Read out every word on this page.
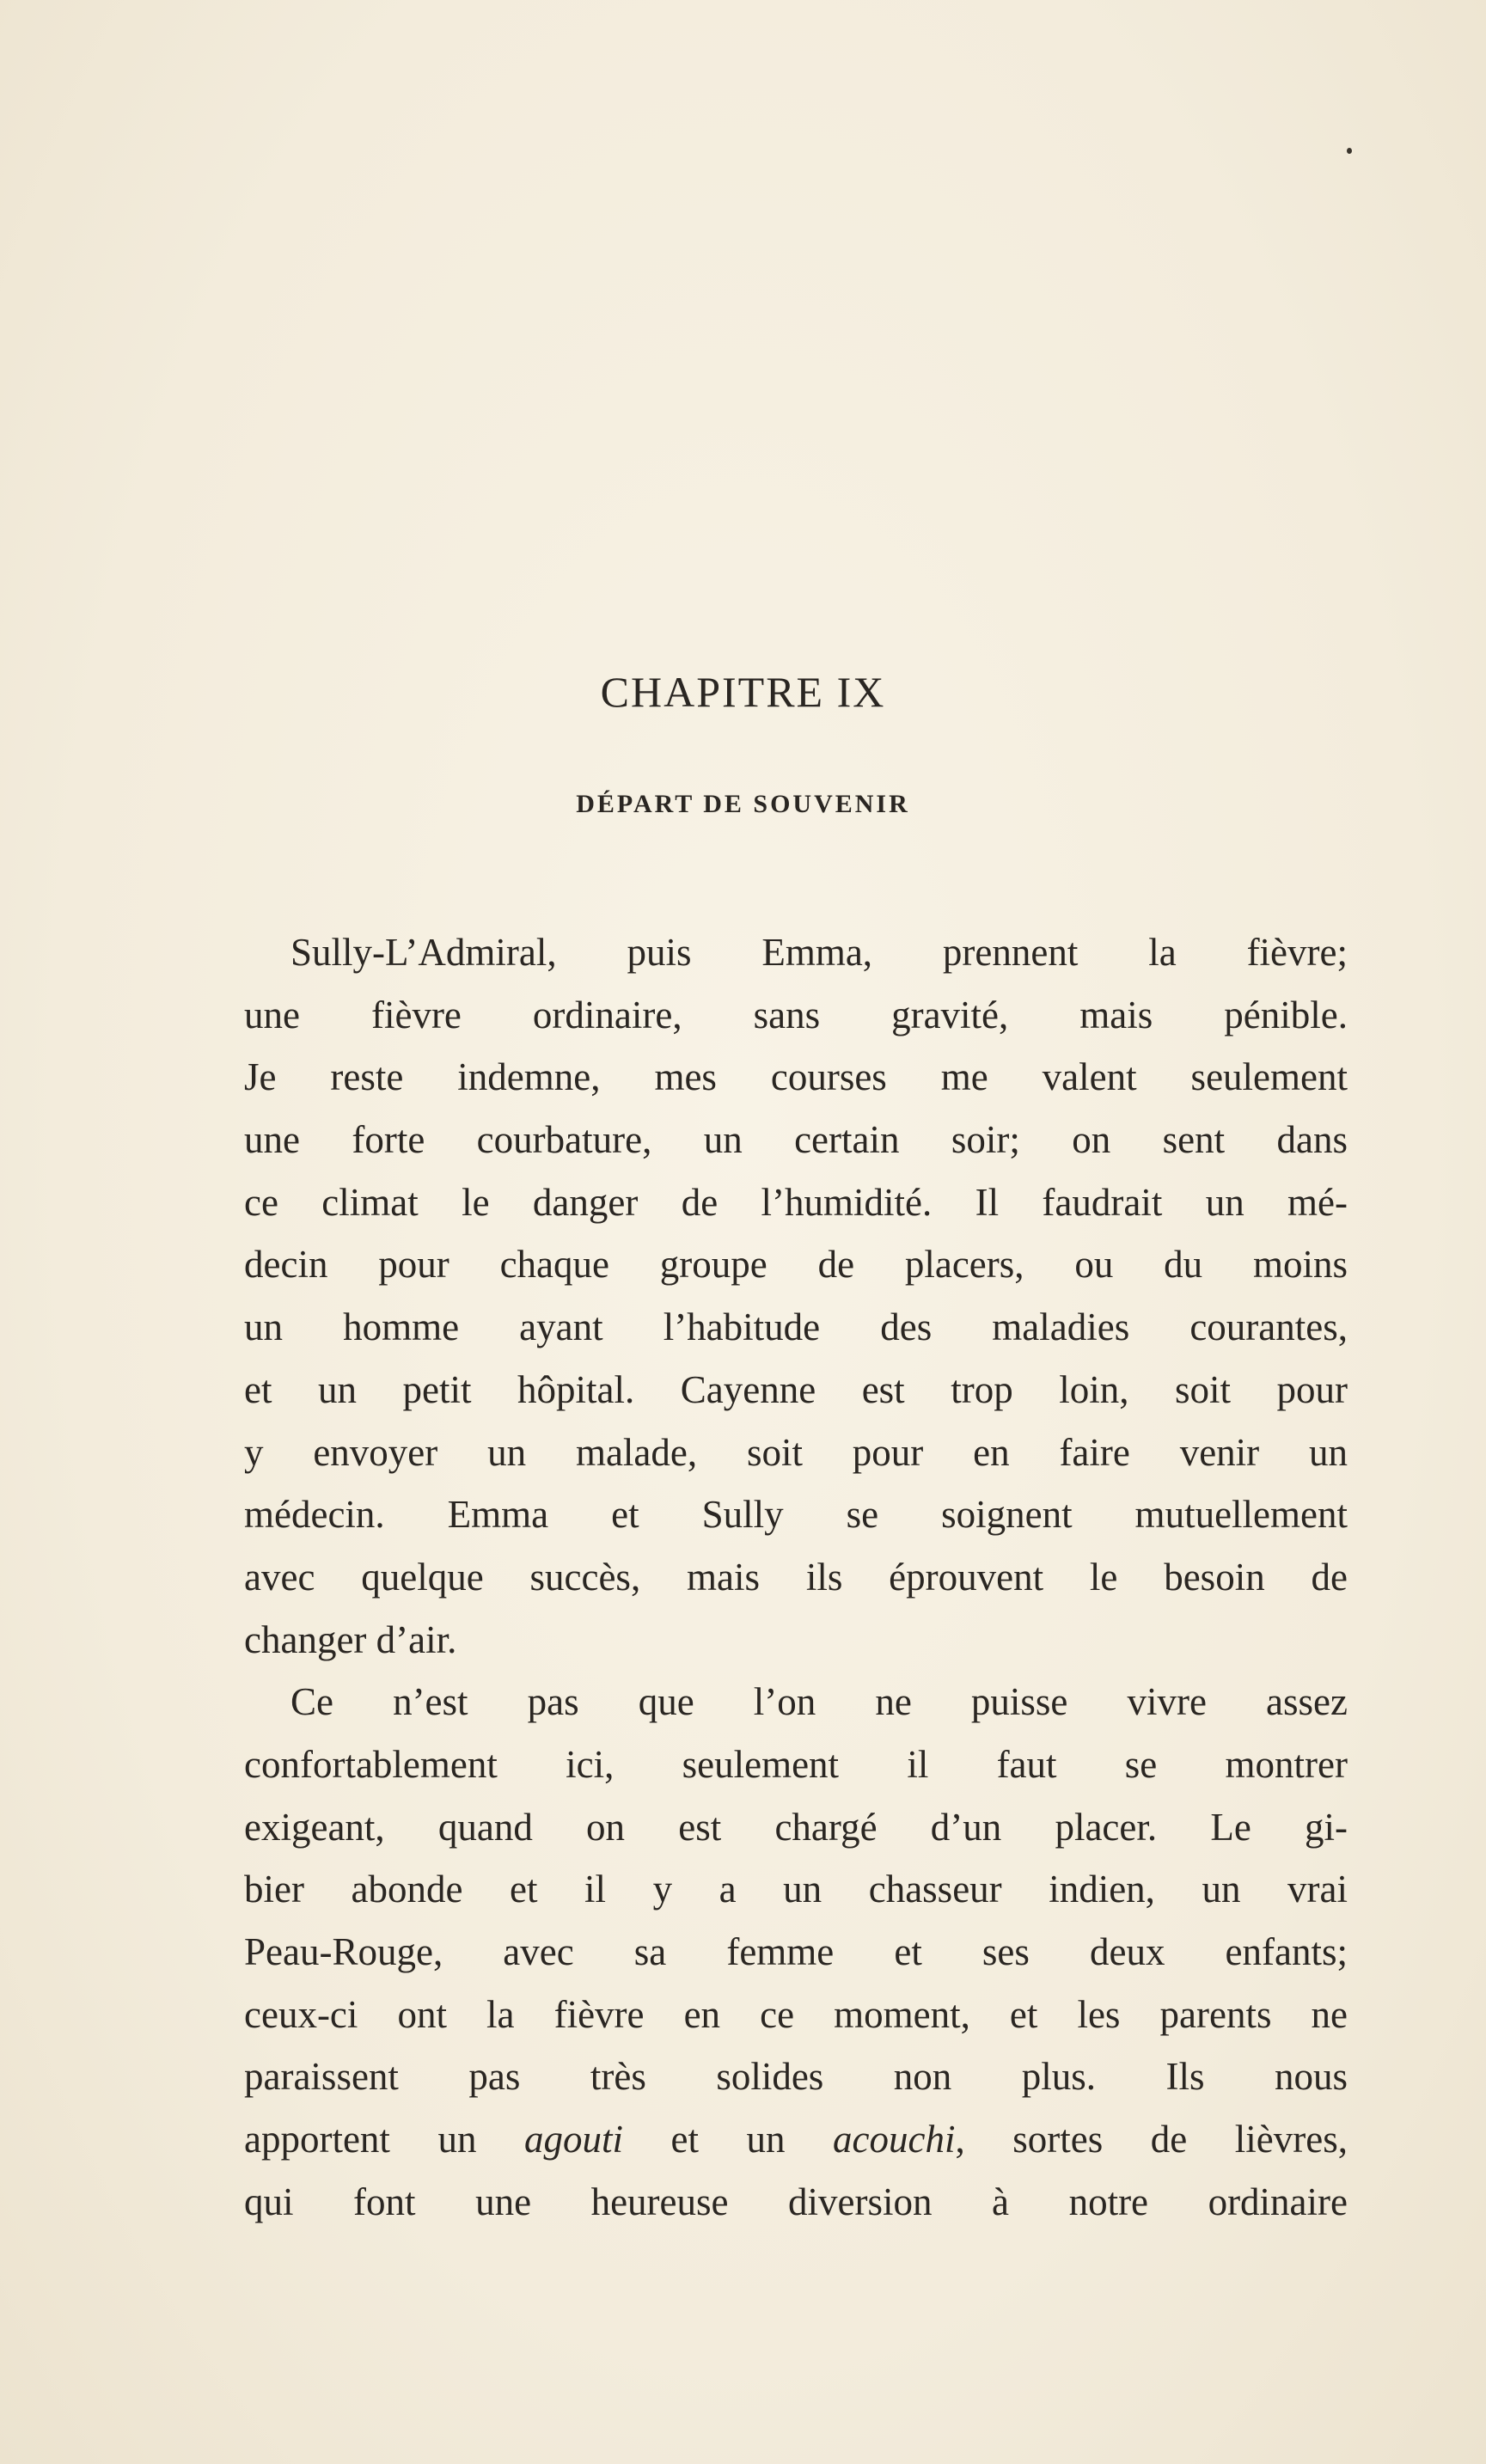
CHAPITRE IX
DÉPART DE SOUVENIR
Sully-L’Admiral, puis Emma, prennent la fièvre;
une fièvre ordinaire, sans gravité, mais pénible.
Je reste indemne, mes courses me valent seulement
une forte courbature, un certain soir; on sent dans
ce climat le danger de l’humidité. Il faudrait un mé-
decin pour chaque groupe de placers, ou du moins
un homme ayant l’habitude des maladies courantes,
et un petit hôpital. Cayenne est trop loin, soit pour
y envoyer un malade, soit pour en faire venir un
médecin. Emma et Sully se soignent mutuellement
avec quelque succès, mais ils éprouvent le besoin de
changer d’air.
Ce n’est pas que l’on ne puisse vivre assez
confortablement ici, seulement il faut se montrer
exigeant, quand on est chargé d’un placer. Le gi-
bier abonde et il y a un chasseur indien, un vrai
Peau-Rouge, avec sa femme et ses deux enfants;
ceux-ci ont la fièvre en ce moment, et les parents ne
paraissent pas très solides non plus. Ils nous
apportent un agouti et un acouchi, sortes de lièvres,
qui font une heureuse diversion à notre ordinaire
